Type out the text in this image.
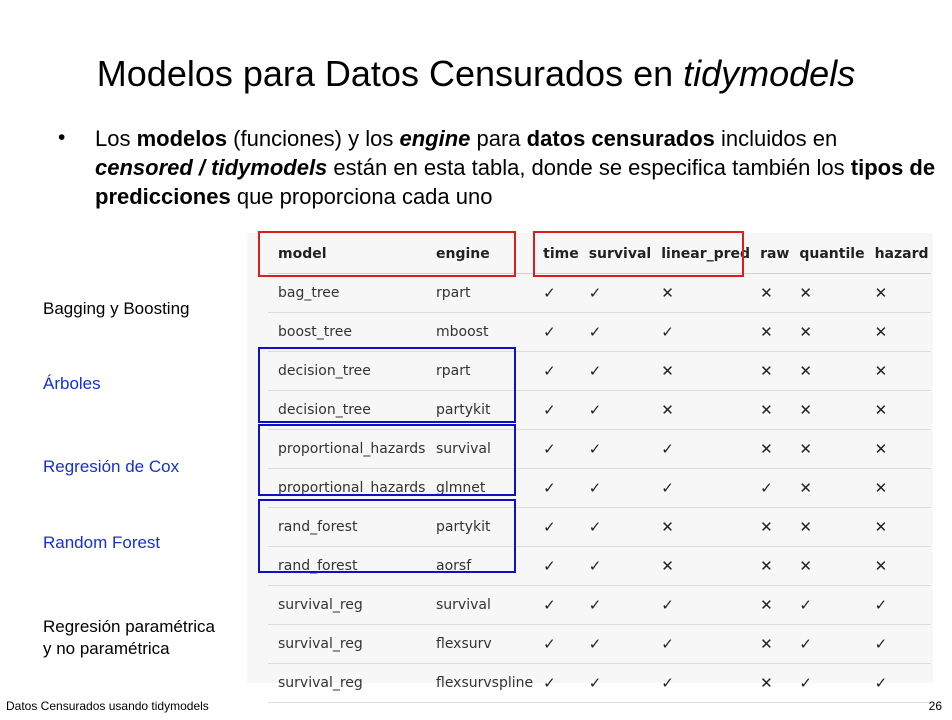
Modelos para Datos Censurados en tidymodels
• Los modelos (funciones) y los engine para datos censurados incluidos en censored / tidymodels están en esta tabla, donde se especifica también los tipos de predicciones que proporciona cada uno
model	engine	time	survival	linear_pred	raw	quantile	hazard
bag_tree	rpart	✓	✓	✕	✕	✕	✕
boost_tree	mboost	✓	✓	✓	✕	✕	✕
decision_tree	rpart	✓	✓	✕	✕	✕	✕
decision_tree	partykit	✓	✓	✕	✕	✕	✕
proportional_hazards	survival	✓	✓	✓	✕	✕	✕
proportional_hazards	glmnet	✓	✓	✓	✓	✕	✕
rand_forest	partykit	✓	✓	✕	✕	✕	✕
rand_forest	aorsf	✓	✓	✕	✕	✕	✕
survival_reg	survival	✓	✓	✓	✕	✓	✓
survival_reg	flexsurv	✓	✓	✓	✕	✓	✓
survival_reg	flexsurvspline	✓	✓	✓	✕	✓	✓
Bagging y Boosting
Árboles
Regresión de Cox
Random Forest
Regresión paramétrica
y no paramétrica
Datos Censurados usando tidymodels	26
